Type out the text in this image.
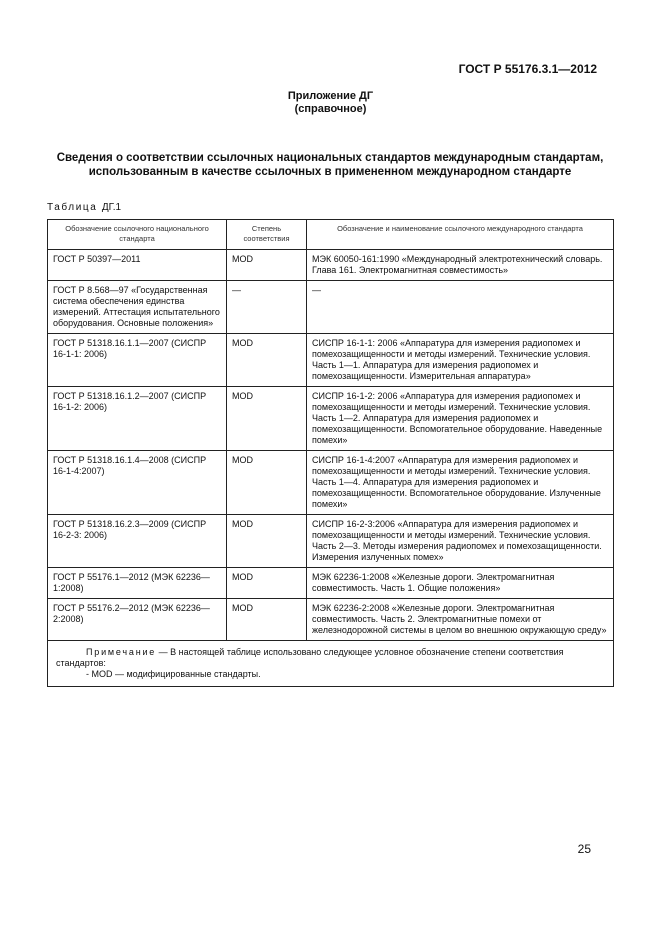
ГОСТ Р 55176.3.1—2012
Приложение ДГ
(справочное)
Сведения о соответствии ссылочных национальных стандартов международным стандартам, использованным в качестве ссылочных в примененном международном стандарте
Таблица ДГ.1
Обозначение ссылочного национального стандарта	Степень соответствия	Обозначение и наименование ссылочного международного стандарта
ГОСТ Р 50397—2011	MOD	МЭК 60050-161:1990 «Международный электротехнический словарь. Глава 161. Электромагнитная совместимость»
ГОСТ Р 8.568—97 «Государственная система обеспечения единства измерений. Аттестация испытательного оборудования. Основные положения»	—	—
ГОСТ Р 51318.16.1.1—2007 (СИСПР 16-1-1: 2006)	MOD	СИСПР 16-1-1: 2006 «Аппаратура для измерения радиопомех и помехозащищенности и методы измерений. Технические условия. Часть 1—1. Аппаратура для измерения радиопомех и помехозащищенности. Измерительная аппаратура»
ГОСТ Р 51318.16.1.2—2007 (СИСПР 16-1-2: 2006)	MOD	СИСПР 16-1-2: 2006 «Аппаратура для измерения радиопомех и помехозащищенности и методы измерений. Технические условия. Часть 1—2. Аппаратура для измерения радиопомех и помехозащищенности. Вспомогательное оборудование. Наведенные помехи»
ГОСТ Р 51318.16.1.4—2008 (СИСПР 16-1-4:2007)	MOD	СИСПР 16-1-4:2007 «Аппаратура для измерения радиопомех и помехозащищенности и методы измерений. Технические условия. Часть 1—4. Аппаратура для измерения радиопомех и помехозащищенности. Вспомогательное оборудование. Излученные помехи»
ГОСТ Р 51318.16.2.3—2009 (СИСПР 16-2-3: 2006)	MOD	СИСПР 16-2-3:2006 «Аппаратура для измерения радиопомех и помехозащищенности и методы измерений. Технические условия. Часть 2—3. Методы измерения радиопомех и помехозащищенности. Измерения излученных помех»
ГОСТ Р 55176.1—2012 (МЭК 62236—1:2008)	MOD	МЭК 62236-1:2008 «Железные дороги. Электромагнитная совместимость. Часть 1. Общие положения»
ГОСТ Р 55176.2—2012 (МЭК 62236—2:2008)	MOD	МЭК 62236-2:2008 «Железные дороги. Электромагнитная совместимость. Часть 2. Электромагнитные помехи от железнодорожной системы в целом во внешнюю окружающую среду»

Примечание — В настоящей таблице использовано следующее условное обозначение степени соответствия стандартов:
- MOD — модифицированные стандарты.		
25
